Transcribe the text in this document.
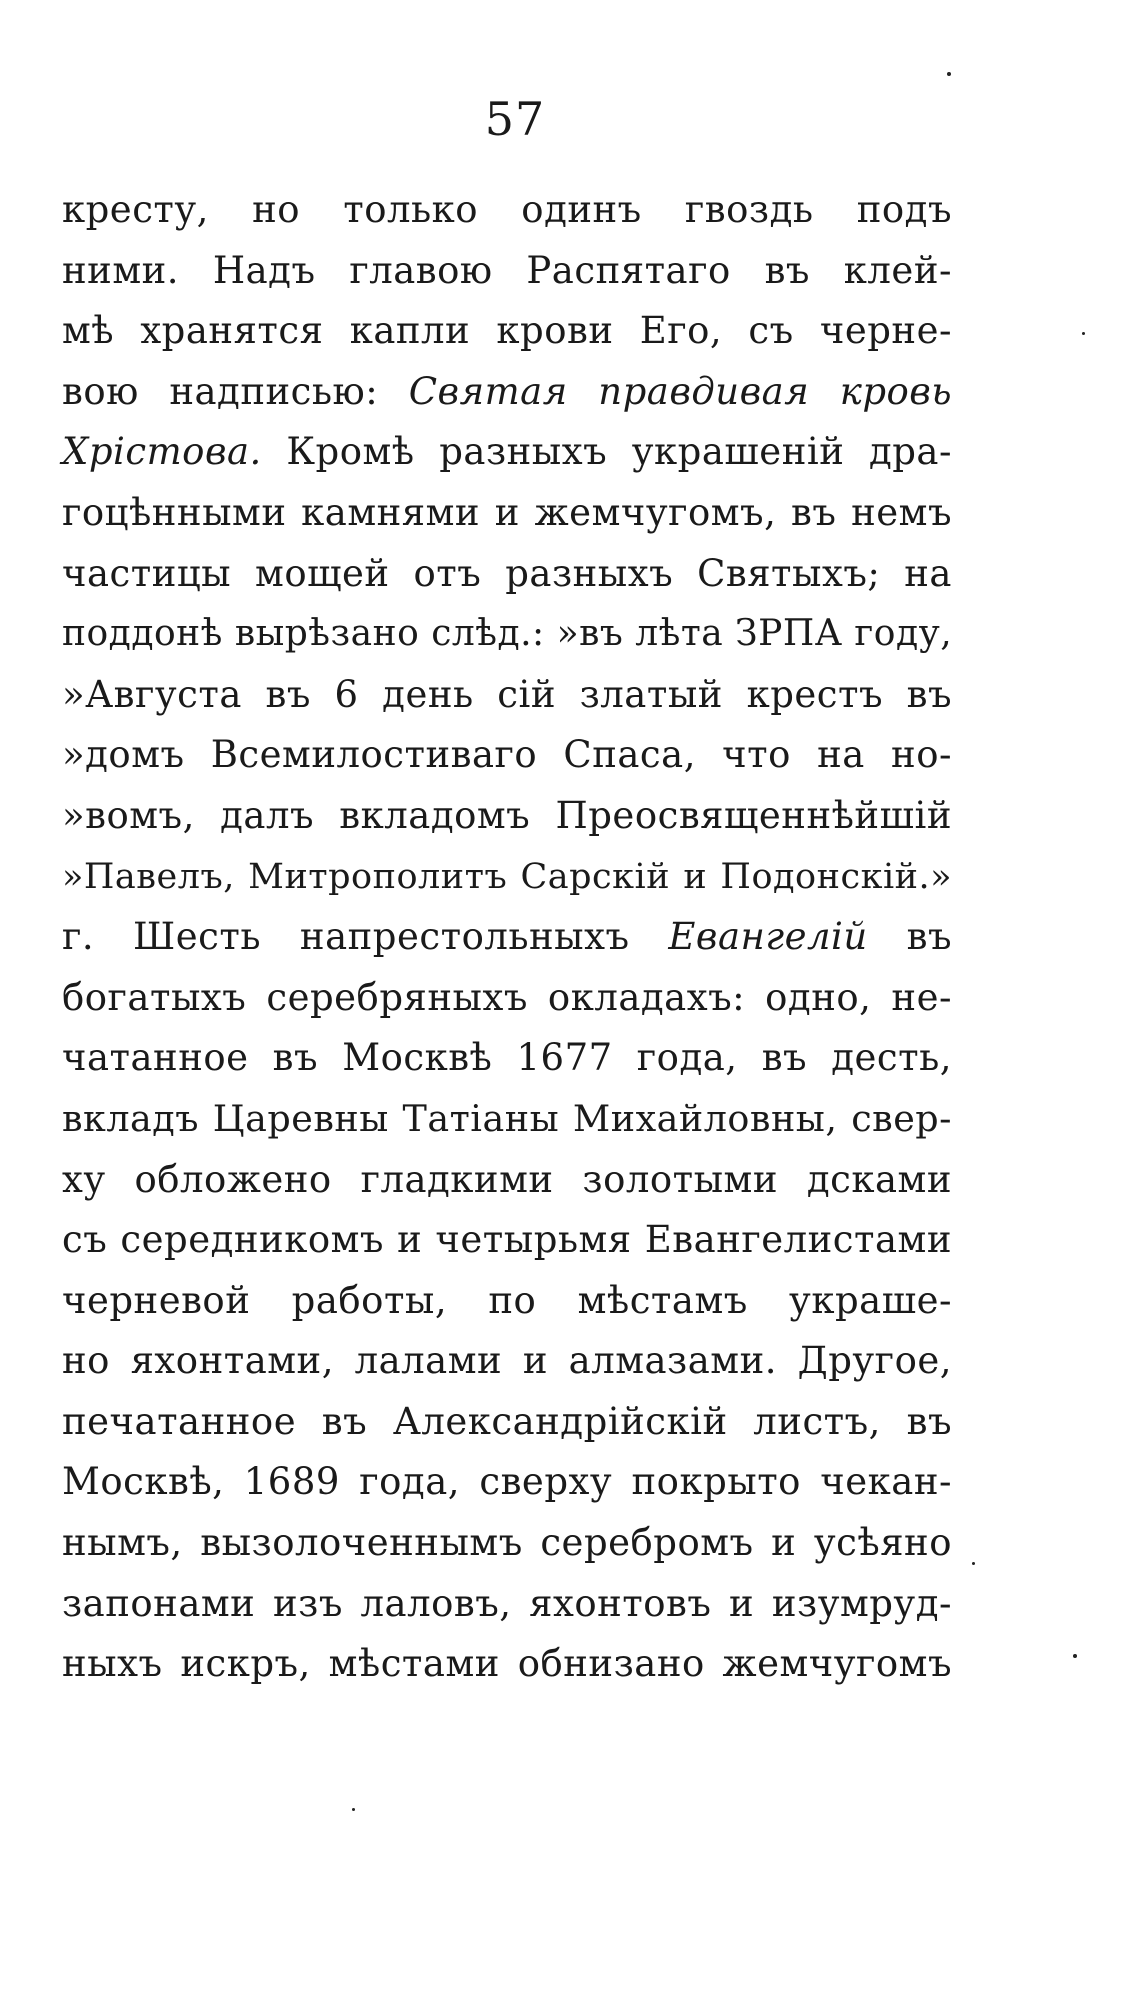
57
кресту, но только одинъ гвоздь подъ
ними. Надъ главою Распятаго въ клей-
мѣ хранятся капли крови Его, съ черне-
вою надписью: Святая правдивая кровь
Хрiстова. Кромѣ разныхъ украшенiй дра-
гоцѣнными камнями и жемчугомъ, въ немъ
частицы мощей отъ разныхъ Святыхъ; на
поддонѣ вырѣзано слѣд.: »въ лѣта ЗРПА году,
»Августа въ 6 день сiй златый крестъ въ
»домъ Всемилостиваго Спаса, что на но-
»вомъ, далъ вкладомъ Преосвященнѣйшiй
»Павелъ, Митрополитъ Сарскiй и Подонскiй.»
г. Шесть напрестольныхъ Евангелiй въ
богатыхъ серебряныхъ окладахъ: одно, не-
чатанное въ Москвѣ 1677 года, въ десть,
вкладъ Царевны Татiаны Михайловны, свер-
ху обложено гладкими золотыми дсками
съ середникомъ и четырьмя Евангелистами
черневой работы, по мѣстамъ украше-
но яхонтами, лалами и алмазами. Другое,
печатанное въ Александрiйскiй листъ, въ
Москвѣ, 1689 года, сверху покрыто чекан-
нымъ, вызолоченнымъ серебромъ и усѣяно
запонами изъ лаловъ, яхонтовъ и изумруд-
ныхъ искръ, мѣстами обнизано жемчугомъ
